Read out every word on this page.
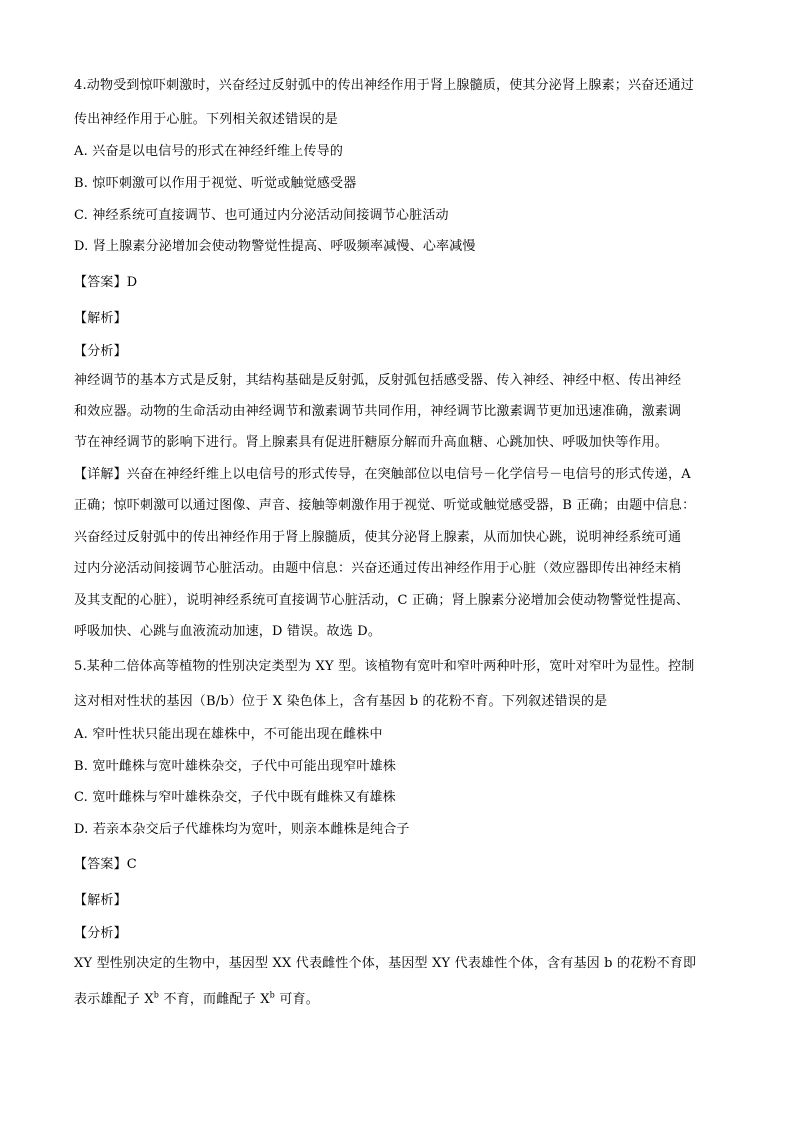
4.动物受到惊吓刺激时，兴奋经过反射弧中的传出神经作用于肾上腺髓质，使其分泌肾上腺素；兴奋还通过
传出神经作用于心脏。下列相关叙述错误的是
A. 兴奋是以电信号的形式在神经纤维上传导的
B. 惊吓刺激可以作用于视觉、听觉或触觉感受器
C. 神经系统可直接调节、也可通过内分泌活动间接调节心脏活动
D. 肾上腺素分泌增加会使动物警觉性提高、呼吸频率减慢、心率减慢
【答案】D
【解析】
【分析】
神经调节的基本方式是反射，其结构基础是反射弧，反射弧包括感受器、传入神经、神经中枢、传出神经
和效应器。动物的生命活动由神经调节和激素调节共同作用，神经调节比激素调节更加迅速准确，激素调
节在神经调节的影响下进行。肾上腺素具有促进肝糖原分解而升高血糖、心跳加快、呼吸加快等作用。
【详解】兴奋在神经纤维上以电信号的形式传导，在突触部位以电信号－化学信号－电信号的形式传递，A
正确；惊吓刺激可以通过图像、声音、接触等刺激作用于视觉、听觉或触觉感受器，B 正确；由题中信息：
兴奋经过反射弧中的传出神经作用于肾上腺髓质，使其分泌肾上腺素，从而加快心跳，说明神经系统可通
过内分泌活动间接调节心脏活动。由题中信息：兴奋还通过传出神经作用于心脏（效应器即传出神经末梢
及其支配的心脏），说明神经系统可直接调节心脏活动，C 正确；肾上腺素分泌增加会使动物警觉性提高、
呼吸加快、心跳与血液流动加速，D 错误。故选 D。
5.某种二倍体高等植物的性别决定类型为 XY 型。该植物有宽叶和窄叶两种叶形，宽叶对窄叶为显性。控制
这对相对性状的基因（B/b）位于 X 染色体上，含有基因 b 的花粉不育。下列叙述错误的是
A. 窄叶性状只能出现在雄株中，不可能出现在雌株中
B. 宽叶雌株与宽叶雄株杂交，子代中可能出现窄叶雄株
C. 宽叶雌株与窄叶雄株杂交，子代中既有雌株又有雄株
D. 若亲本杂交后子代雄株均为宽叶，则亲本雌株是纯合子
【答案】C
【解析】
【分析】
XY 型性别决定的生物中，基因型 XX 代表雌性个体，基因型 XY 代表雄性个体，含有基因 b 的花粉不育即
表示雄配子 $X^b$ 不育，而雌配子 $X^b$ 可育。
